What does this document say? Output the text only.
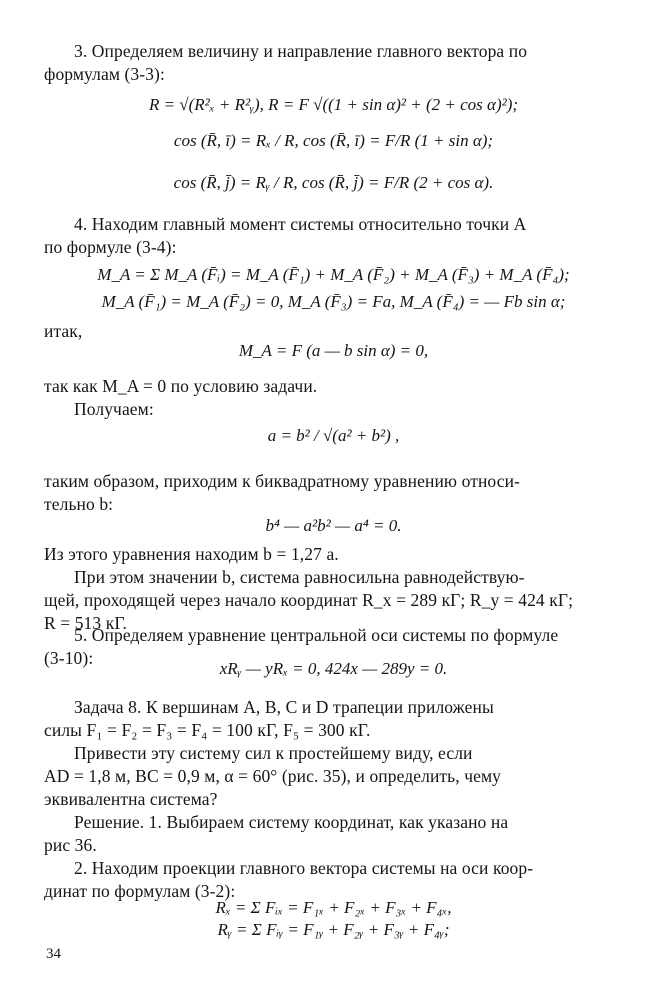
3. Определяем величину и направление главного вектора по
формулам (3-3):
R = √(R²ₓ + R²ᵧ), R = F √((1 + sin α)² + (2 + cos α)²);
cos (R̄, ī) = Rₓ / R, cos (R̄, ī) = F/R (1 + sin α);
cos (R̄, j̄) = Rᵧ / R, cos (R̄, j̄) = F/R (2 + cos α).
4. Находим главный момент системы относительно точки A
по формуле (3-4):
M_A = Σ M_A (F̄ᵢ) = M_A (F̄₁) + M_A (F̄₂) + M_A (F̄₃) + M_A (F̄₄);
M_A (F̄₁) = M_A (F̄₂) = 0, M_A (F̄₃) = Fa, M_A (F̄₄) = — Fb sin α;
итак,
M_A = F (a — b sin α) = 0,
так как M_A = 0 по условию задачи.
Получаем:
a = b² / √(a² + b²) ,
таким образом, приходим к биквадратному уравнению относи-
тельно b:
b⁴ — a²b² — a⁴ = 0.
Из этого уравнения находим b = 1,27 a.
При этом значении b, система равносильна равнодействую-
щей, проходящей через начало координат R_x = 289 кГ; R_y = 424 кГ;
R = 513 кГ.
5. Определяем уравнение центральной оси системы по формуле
(3-10):
xRᵧ — yRₓ = 0, 424x — 289y = 0.
Задача 8. К вершинам A, B, C и D трапеции приложены
силы F₁ = F₂ = F₃ = F₄ = 100 кГ, F₅ = 300 кГ.
Привести эту систему сил к простейшему виду, если
AD = 1,8 м, BC = 0,9 м, α = 60° (рис. 35), и определить, чему
эквивалентна система?
Решение. 1. Выбираем систему координат, как указано на
рис 36.
2. Находим проекции главного вектора системы на оси коор-
динат по формулам (3-2):
Rₓ = Σ Fᵢₓ = F₁ₓ + F₂ₓ + F₃ₓ + F₄ₓ,
Rᵧ = Σ Fᵢᵧ = F₁ᵧ + F₂ᵧ + F₃ᵧ + F₄ᵧ;
34
